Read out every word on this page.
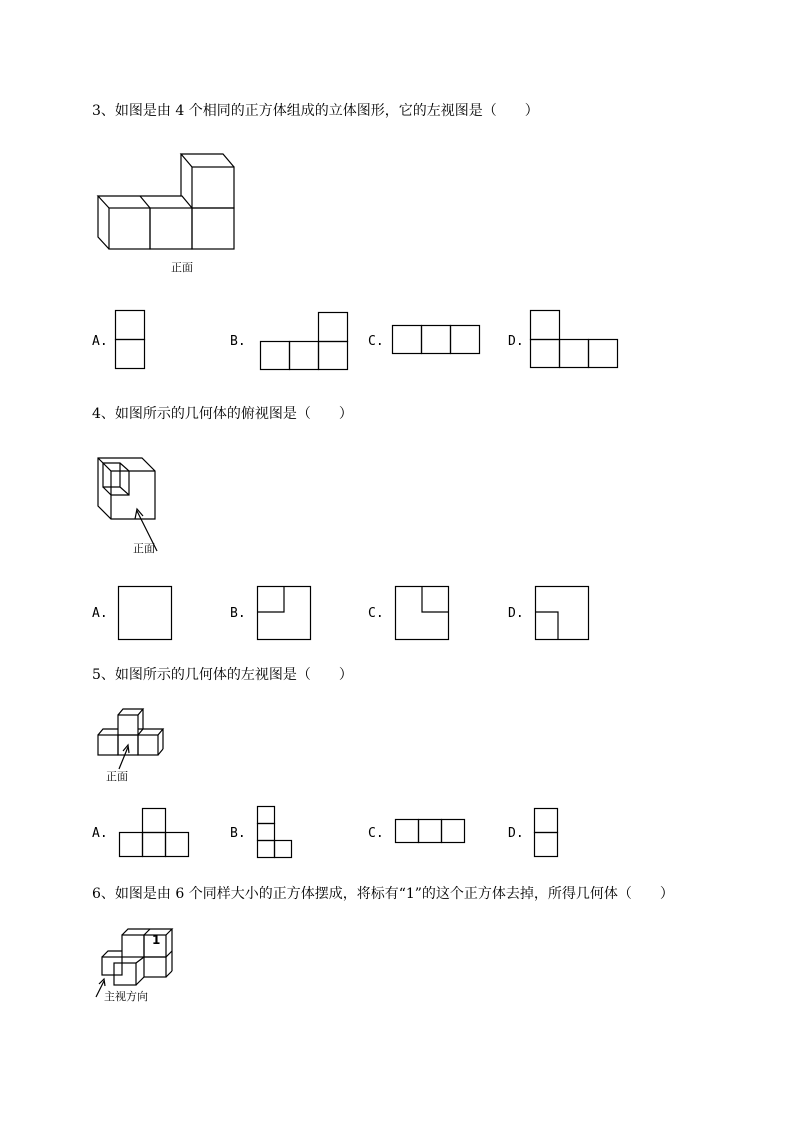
3、如图是由 4 个相同的正方体组成的立体图形，它的左视图是（　　）
正面
A.	B.	C.	D.
4、如图所示的几何体的俯视图是（　　）
正面
A.	B.	C.	D.
5、如图所示的几何体的左视图是（　　）
正面
A.	B.	C.	D.
6、如图是由 6 个同样大小的正方体摆成，将标有“1”的这个正方体去掉，所得几何体（　　）
1
主视方向
